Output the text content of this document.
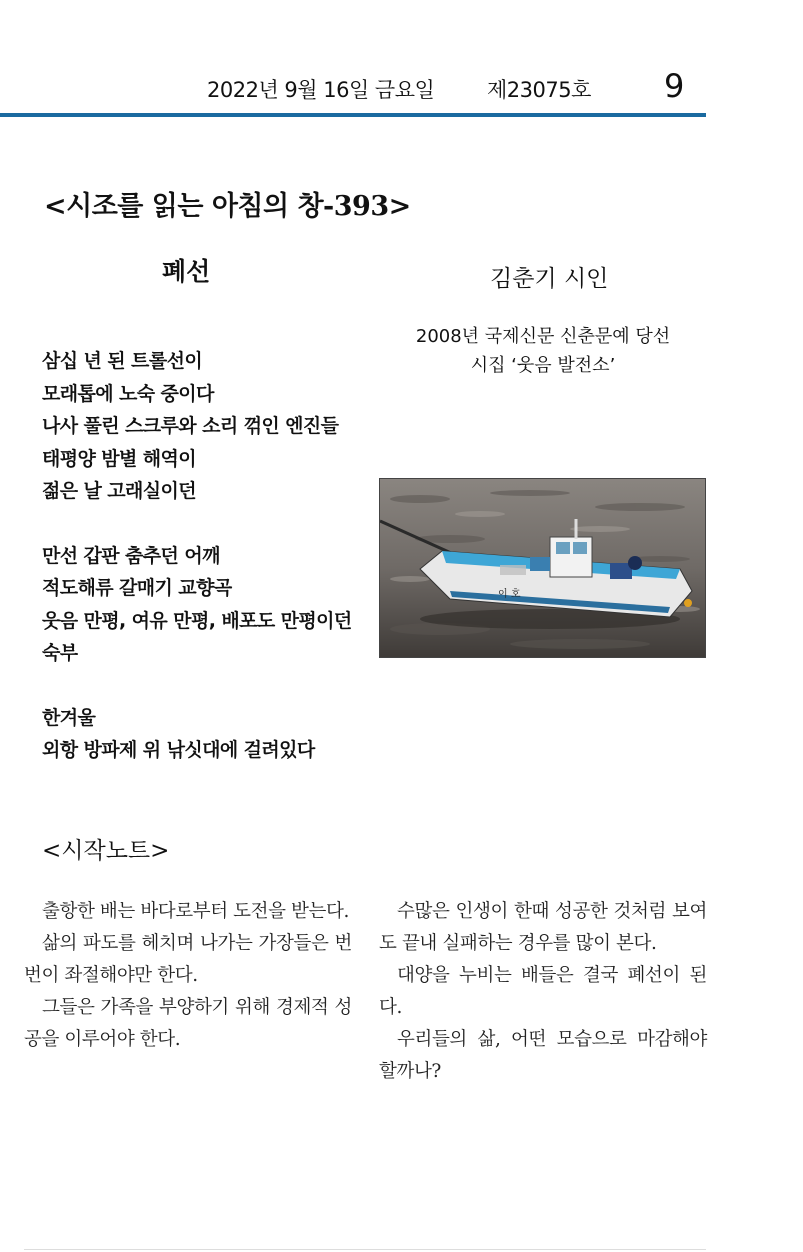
2022년 9월 16일 금요일	제23075호 9
<시조를 읽는 아침의 창-393>
폐선	김춘기 시인
2008년 국제신문 신춘문예 당선
시집 ‘웃음 발전소’
삼십 년 된 트롤선이
모래톱에 노숙 중이다
나사 풀린 스크루와 소리 꺾인 엔진들
태평양 밤별 해역이
젊은 날 고래실이던
만선 갑판 춤추던 어깨
적도해류 갈매기 교향곡
웃음 만평, 여유 만평, 배포도 만평이던
숙부
한겨울
외항 방파제 위 낚싯대에 걸려있다
이 호
<시작노트>

출항한 배는 바다로부터 도전을 받는다.

삶의 파도를 헤치며 나가는 가장들은 번번이 좌절해야만 한다.

그들은 가족을 부양하기 위해 경제적 성공을 이루어야 한다.

수많은 인생이 한때 성공한 것처럼 보여도 끝내 실패하는 경우를 많이 본다.

대양을 누비는 배들은 결국 폐선이 된다.

우리들의 삶, 어떤 모습으로 마감해야 할까나?
